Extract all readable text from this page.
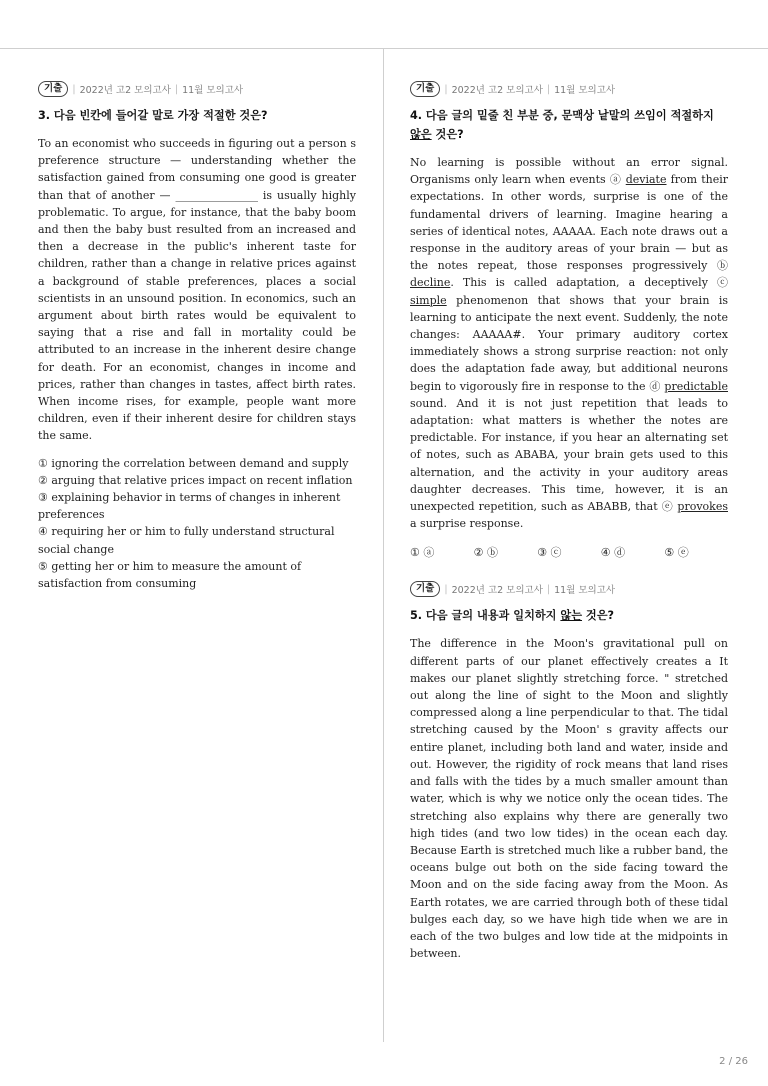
기출	| 2022년 고2 모의고사 | 11월 모의고사
3. 다음 빈칸에 들어갈 말로 가장 적절한 것은?

To an economist who succeeds in figuring out a person s preference structure — understanding whether the satisfaction gained from consuming one good is greater than that of another — _______________ is usually highly problematic. To argue, for instance, that the baby boom and then the baby bust resulted from an increased and then a decrease in the public's inherent taste for children, rather than a change in relative prices against a background of stable preferences, places a social scientists in an unsound position. In economics, such an argument about birth rates would be equivalent to saying that a rise and fall in mortality could be attributed to an increase in the inherent desire change for death. For an economist, changes in income and prices, rather than changes in tastes, affect birth rates. When income rises, for example, people want more children, even if their inherent desire for children stays the same.

① ignoring the correlation between demand and supply
② arguing that relative prices impact on recent inflation
③ explaining behavior in terms of changes in inherent preferences
④ requiring her or him to fully understand structural social change
⑤ getting her or him to measure the amount of satisfaction from consuming
기출	| 2022년 고2 모의고사 | 11월 모의고사
4. 다음 글의 밑줄 친 부분 중, 문맥상 낱말의 쓰임이 적절하지 않은 것은?

No learning is possible without an error signal. Organisms only learn when events ⓐ deviate from their expectations. In other words, surprise is one of the fundamental drivers of learning. Imagine hearing a series of identical notes, AAAAA. Each note draws out a response in the auditory areas of your brain — but as the notes repeat, those responses progressively ⓑ decline. This is called adaptation, a deceptively ⓒ simple phenomenon that shows that your brain is learning to anticipate the next event. Suddenly, the note changes: AAAAA#. Your primary auditory cortex immediately shows a strong surprise reaction: not only does the adaptation fade away, but additional neurons begin to vigorously fire in response to the ⓓ predictable sound. And it is not just repetition that leads to adaptation: what matters is whether the notes are predictable. For instance, if you hear an alternating set of notes, such as ABABA, your brain gets used to this alternation, and the activity in your auditory areas daughter decreases. This time, however, it is an unexpected repetition, such as ABABB, that ⓔ provokes a surprise response.

① ⓐ	② ⓑ	③ ⓒ	④ ⓓ	⑤ ⓔ
기출	| 2022년 고2 모의고사 | 11월 모의고사
5. 다음 글의 내용과 일치하지 않는 것은?

The difference in the Moon's gravitational pull on different parts of our planet effectively creates a It makes our planet slightly stretching force. " stretched out along the line of sight to the Moon and slightly compressed along a line perpendicular to that. The tidal stretching caused by the Moon' s gravity affects our entire planet, including both land and water, inside and out. However, the rigidity of rock means that land rises and falls with the tides by a much smaller amount than water, which is why we notice only the ocean tides. The stretching also explains why there are generally two high tides (and two low tides) in the ocean each day. Because Earth is stretched much like a rubber band, the oceans bulge out both on the side facing toward the Moon and on the side facing away from the Moon. As Earth rotates, we are carried through both of these tidal bulges each day, so we have high tide when we are in each of the two bulges and low tide at the midpoints in between.

2 / 26
